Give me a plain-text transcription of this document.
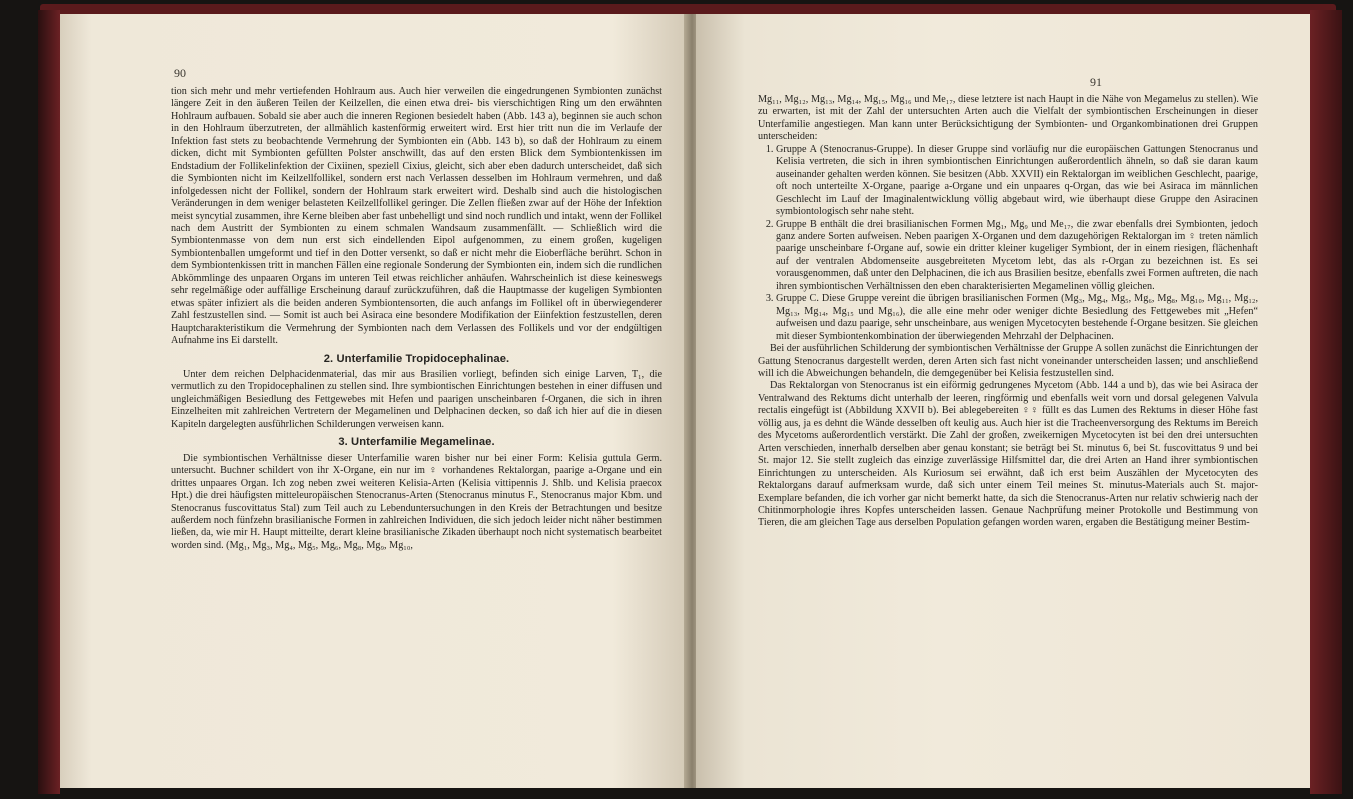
90

tion sich mehr und mehr vertiefenden Hohlraum aus. Auch hier verweilen die eingedrungenen Symbionten zunächst längere Zeit in den äußeren Teilen der Keilzellen, die einen etwa drei- bis vierschichtigen Ring um den erwähnten Hohlraum aufbauen. Sobald sie aber auch die inneren Regionen besiedelt haben (Abb. 143 a), beginnen sie auch schon in den Hohlraum überzutreten, der allmählich kastenförmig erweitert wird. Erst hier tritt nun die im Verlaufe der Infektion fast stets zu beobachtende Vermehrung der Symbionten ein (Abb. 143 b), so daß der Hohlraum zu einem dicken, dicht mit Symbionten gefüllten Polster anschwillt, das auf den ersten Blick dem Symbiontenkissen im Endstadium der Follikelinfektion der Cixiinen, speziell Cixius, gleicht, sich aber eben dadurch unterscheidet, daß sich die Symbionten nicht im Keilzellfollikel, sondern erst nach Verlassen desselben im Hohlraum vermehren, und daß infolgedessen nicht der Follikel, sondern der Hohlraum stark erweitert wird. Deshalb sind auch die histologischen Veränderungen in dem weniger belasteten Keilzellfollikel geringer. Die Zellen fließen zwar auf der Höhe der Infektion meist syncytial zusammen, ihre Kerne bleiben aber fast unbehelligt und sind noch rundlich und intakt, wenn der Follikel nach dem Austritt der Symbionten zu einem schmalen Wandsaum zusammenfällt. — Schließlich wird die Symbiontenmasse von dem nun erst sich eindellenden Eipol aufgenommen, zu einem großen, kugeligen Symbiontenballen umgeformt und tief in den Dotter versenkt, so daß er nicht mehr die Eioberfläche berührt. Schon in dem Symbiontenkissen tritt in manchen Fällen eine regionale Sonderung der Symbionten ein, indem sich die rundlichen Abkömmlinge des unpaaren Organs im unteren Teil etwas reichlicher anhäufen. Wahrscheinlich ist diese keineswegs sehr regelmäßige oder auffällige Erscheinung darauf zurückzuführen, daß die Hauptmasse der kugeligen Symbionten etwas später infiziert als die beiden anderen Symbiontensorten, die auch anfangs im Follikel oft in überwiegenderer Zahl festzustellen sind. — Somit ist auch bei Asiraca eine besondere Modifikation der Eiinfektion festzustellen, deren Hauptcharakteristikum die Vermehrung der Symbionten nach dem Verlassen des Follikels und vor der endgültigen Aufnahme ins Ei darstellt.

2. Unterfamilie Tropidocephalinae.

Unter dem reichen Delphacidenmaterial, das mir aus Brasilien vorliegt, befinden sich einige Larven, T₁, die vermutlich zu den Tropidocephalinen zu stellen sind. Ihre symbiontischen Einrichtungen bestehen in einer diffusen und ungleichmäßigen Besiedlung des Fettgewebes mit Hefen und paarigen unscheinbaren f-Organen, die sich in ihren Einzelheiten mit zahlreichen Vertretern der Megamelinen und Delphacinen decken, so daß ich hier auf die in diesen Kapiteln dargelegten ausführlichen Schilderungen verweisen kann.

3. Unterfamilie Megamelinae.

Die symbiontischen Verhältnisse dieser Unterfamilie waren bisher nur bei einer Form: Kelisia guttula Germ. untersucht. Buchner schildert von ihr X-Organe, ein nur im ♀ vorhandenes Rektalorgan, paarige a-Organe und ein drittes unpaares Organ. Ich zog neben zwei weiteren Kelisia-Arten (Kelisia vittipennis J. Shlb. und Kelisia praecox Hpt.) die drei häufigsten mitteleuropäischen Stenocranus-Arten (Stenocranus minutus F., Stenocranus major Kbm. und Stenocranus fuscovittatus Stal) zum Teil auch zu Lebenduntersuchungen in den Kreis der Betrachtungen und besitze außerdem noch fünfzehn brasilianische Formen in zahlreichen Individuen, die sich jedoch leider nicht näher bestimmen ließen, da, wie mir H. Haupt mitteilte, derart kleine brasilianische Zikaden überhaupt noch nicht systematisch bearbeitet worden sind. (Mg₁, Mg₃, Mg₄, Mg₅, Mg₆, Mg₈, Mg₉, Mg₁₀,

91

Mg₁₁, Mg₁₂, Mg₁₃, Mg₁₄, Mg₁₅, Mg₁₆ und Me₁₇, diese letztere ist nach Haupt in die Nähe von Megamelus zu stellen). Wie zu erwarten, ist mit der Zahl der untersuchten Arten auch die Vielfalt der symbiontischen Erscheinungen in dieser Unterfamilie angestiegen. Man kann unter Berücksichtigung der Symbionten- und Organkombinationen drei Gruppen unterscheiden:

1. Gruppe A (Stenocranus-Gruppe). In dieser Gruppe sind vorläufig nur die europäischen Gattungen Stenocranus und Kelisia vertreten, die sich in ihren symbiontischen Einrichtungen außerordentlich ähneln, so daß sie daran kaum auseinander gehalten werden können. Sie besitzen (Abb. XXVII) ein Rektalorgan im weiblichen Geschlecht, paarige, oft noch unterteilte X-Organe, paarige a-Organe und ein unpaares q-Organ, das wie bei Asiraca im männlichen Geschlecht im Lauf der Imaginalentwicklung völlig abgebaut wird, wie überhaupt diese Gruppe den Asiracinen symbiontologisch sehr nahe steht.
2. Gruppe B enthält die drei brasilianischen Formen Mg₁, Mg₉ und Me₁₇, die zwar ebenfalls drei Symbionten, jedoch ganz andere Sorten aufweisen. Neben paarigen X-Organen und dem dazugehörigen Rektalorgan im ♀ treten nämlich paarige unscheinbare f-Organe auf, sowie ein dritter kleiner kugeliger Symbiont, der in einem riesigen, flächenhaft auf der ventralen Abdomenseite ausgebreiteten Mycetom lebt, das als r-Organ zu bezeichnen ist. Es sei vorausgenommen, daß unter den Delphacinen, die ich aus Brasilien besitze, ebenfalls zwei Formen auftreten, die nach ihren symbiontischen Verhältnissen den eben charakterisierten Megamelinen völlig gleichen.
3. Gruppe C. Diese Gruppe vereint die übrigen brasilianischen Formen (Mg₃, Mg₄, Mg₅, Mg₆, Mg₈, Mg₁₀, Mg₁₁, Mg₁₂, Mg₁₃, Mg₁₄, Mg₁₅ und Mg₁₆), die alle eine mehr oder weniger dichte Besiedlung des Fettgewebes mit „Hefen“ aufweisen und dazu paarige, sehr unscheinbare, aus wenigen Mycetocyten bestehende f-Organe besitzen. Sie gleichen mit dieser Symbiontenkombination der überwiegenden Mehrzahl der Delphacinen.

Bei der ausführlichen Schilderung der symbiontischen Verhältnisse der Gruppe A sollen zunächst die Einrichtungen der Gattung Stenocranus dargestellt werden, deren Arten sich fast nicht voneinander unterscheiden lassen; und anschließend will ich die Abweichungen behandeln, die demgegenüber bei Kelisia festzustellen sind.

Das Rektalorgan von Stenocranus ist ein eiförmig gedrungenes Mycetom (Abb. 144 a und b), das wie bei Asiraca der Ventralwand des Rektums dicht unterhalb der leeren, ringförmig und ebenfalls weit vorn und dorsal gelegenen Valvula rectalis eingefügt ist (Abbildung XXVII b). Bei ablegebereiten ♀♀ füllt es das Lumen des Rektums in dieser Höhe fast völlig aus, ja es dehnt die Wände desselben oft keulig aus. Auch hier ist die Tracheenversorgung des Rektums im Bereich des Mycetoms außerordentlich verstärkt. Die Zahl der großen, zweikernigen Mycetocyten ist bei den drei untersuchten Arten verschieden, innerhalb derselben aber genau konstant; sie beträgt bei St. minutus 6, bei St. fuscovittatus 9 und bei St. major 12. Sie stellt zugleich das einzige zuverlässige Hilfsmittel dar, die drei Arten an Hand ihrer symbiontischen Einrichtungen zu unterscheiden. Als Kuriosum sei erwähnt, daß ich erst beim Auszählen der Mycetocyten des Rektalorgans darauf aufmerksam wurde, daß sich unter einem Teil meines St. minutus-Materials auch St. major-Exemplare befanden, die ich vorher gar nicht bemerkt hatte, da sich die Stenocranus-Arten nur relativ schwierig nach der Chitinmorphologie ihres Kopfes unterscheiden lassen. Genaue Nachprüfung meiner Protokolle und Bestimmung von Tieren, die am gleichen Tage aus derselben Population gefangen worden waren, ergaben die Bestätigung meiner Bestim-
